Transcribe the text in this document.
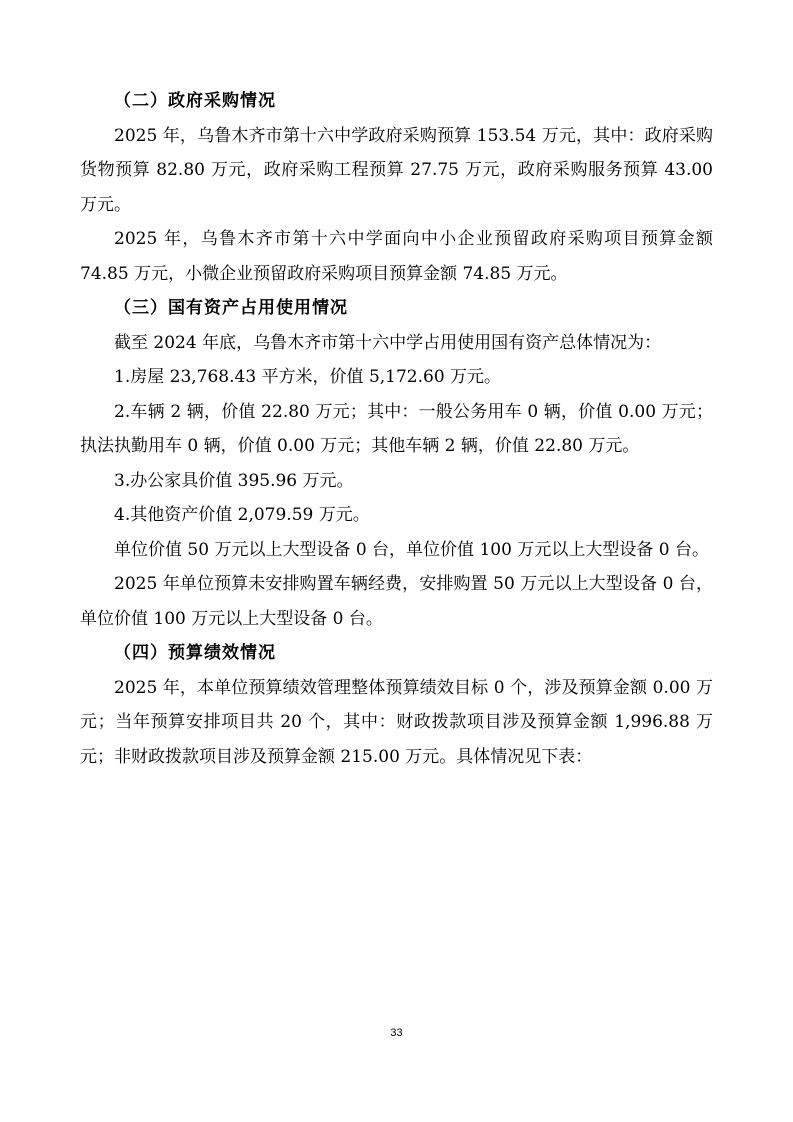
（二）政府采购情况

2025 年，乌鲁木齐市第十六中学政府采购预算 153.54 万元，其中：政府采购货物预算 82.80 万元，政府采购工程预算 27.75 万元，政府采购服务预算 43.00 万元。

2025 年，乌鲁木齐市第十六中学面向中小企业预留政府采购项目预算金额 74.85 万元，小微企业预留政府采购项目预算金额 74.85 万元。

（三）国有资产占用使用情况

截至 2024 年底，乌鲁木齐市第十六中学占用使用国有资产总体情况为：

1.房屋 23,768.43 平方米，价值 5,172.60 万元。

2.车辆 2 辆，价值 22.80 万元；其中：一般公务用车 0 辆，价值 0.00 万元；执法执勤用车 0 辆，价值 0.00 万元；其他车辆 2 辆，价值 22.80 万元。

3.办公家具价值 395.96 万元。

4.其他资产价值 2,079.59 万元。

单位价值 50 万元以上大型设备 0 台，单位价值 100 万元以上大型设备 0 台。

2025 年单位预算未安排购置车辆经费，安排购置 50 万元以上大型设备 0 台，单位价值 100 万元以上大型设备 0 台。

（四）预算绩效情况

2025 年，本单位预算绩效管理整体预算绩效目标 0 个，涉及预算金额 0.00 万元；当年预算安排项目共 20 个，其中：财政拨款项目涉及预算金额 1,996.88 万元；非财政拨款项目涉及预算金额 215.00 万元。具体情况见下表：

33
